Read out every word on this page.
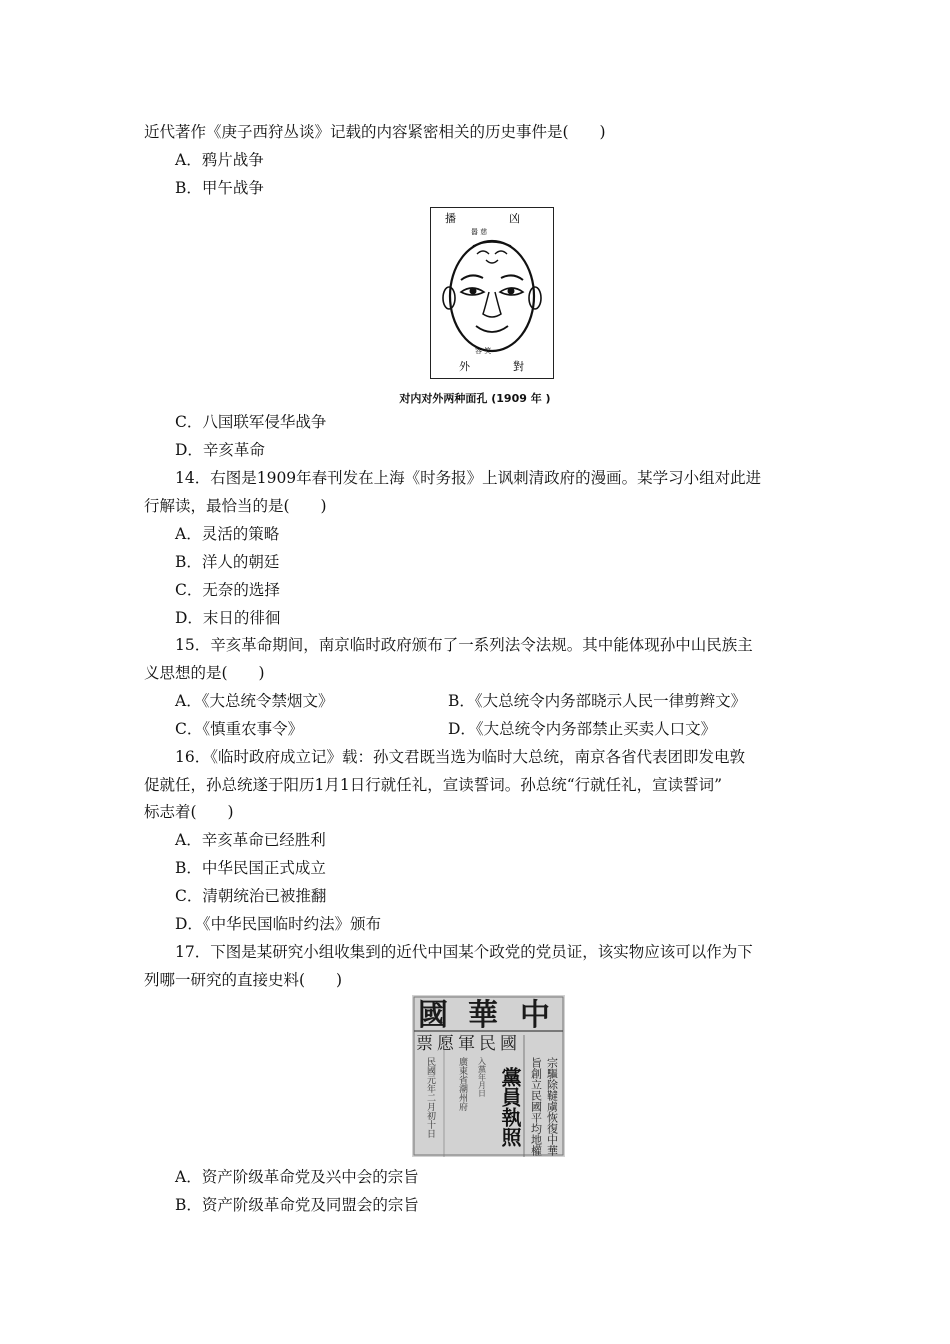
近代著作《庚子西狩丛谈》记载的内容紧密相关的历史事件是(　　)
A．鸦片战争
B．甲午战争
播	凶
嚣 慈
容 笑
外	對
对内对外两种面孔 (1909 年 )
C．八国联军侵华战争
D．辛亥革命
14．右图是1909年春刊发在上海《时务报》上讽刺清政府的漫画。某学习小组对此进
行解读，最恰当的是(　　)
A．灵活的策略
B．洋人的朝廷
C．无奈的选择
D．末日的徘徊
15．辛亥革命期间，南京临时政府颁布了一系列法令法规。其中能体现孙中山民族主
义思想的是(　　)
A．《大总统令禁烟文》	B．《大总统令内务部晓示人民一律剪辫文》
C．《慎重农事令》	D．《大总统令内务部禁止买卖人口文》
16．《临时政府成立记》载：孙文君既当选为临时大总统，南京各省代表团即发电敦
促就任，孙总统遂于阳历1月1日行就任礼，宣读誓词。孙总统“行就任礼，宣读誓词”
标志着(　　)
A．辛亥革命已经胜利
B．中华民国正式成立
C．清朝统治已被推翻
D．《中华民国临时约法》颁布
17．下图是某研究小组收集到的近代中国某个政党的党员证，该实物应该可以作为下
列哪一研究的直接史料(　　)
國 華 中
票愿軍民國
宗驅除韃虜恢復中華
旨創立民國平均地權
黨員執照
入黨年月日
廣東省潮州府
民國元年二月初十日
A．资产阶级革命党及兴中会的宗旨
B．资产阶级革命党及同盟会的宗旨
